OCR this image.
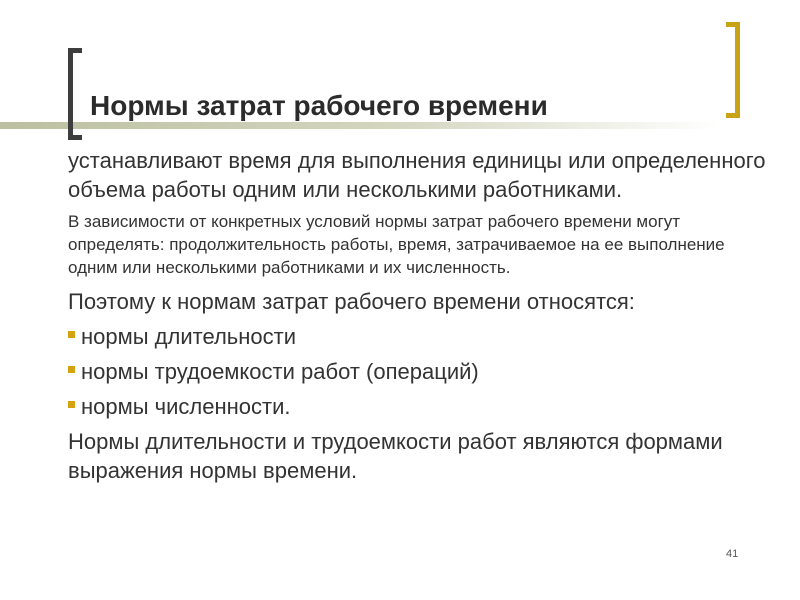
Нормы затрат рабочего времени

устанавливают время для выполнения единицы или определенного объема работы одним или несколькими работниками.

В зависимости от конкретных условий нормы затрат рабочего времени могут определять: продолжительность работы, время, затрачиваемое на ее выполнение одним или несколькими работниками и их численность.

Поэтому к нормам затрат рабочего времени относятся:

нормы длительности
нормы трудоемкости работ (операций)
нормы численности.

Нормы длительности и трудоемкости работ являются формами выражения нормы времени.

41
